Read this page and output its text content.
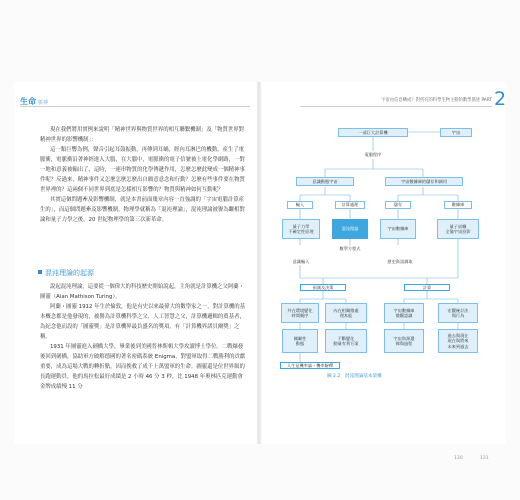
生命 脈搏

現在我們將用實例來說明「精神世界與物質世界的相互聯繫機制」及「物質世界對精神世界的影響機制」：

這一類巨響為例，聲音引起耳鼓振動，再傳到耳蝸，經內耳淋巴的機動，產生了電脈衝，電脈衝沿著神經進入大腦，在大腦中，電脈衝的電子信號被上電化學網路，一對一地和意義被輸出了，這時，一連串物質的化學傳遞作用，怎麼怎麼此變成一個精神事件呢？反過來，精神事件又怎麼怎麼怎麼出自願意意念和行動？怎麼有些事件要在物質世界裡的？這兩個不同世界到底是怎樣相互影響的？物質與精神如何互動呢？

其實這個問題牽及影響機制，就是本書前面幾章內容一直強調的「宇宙電腦計算產生的」，而這個問題牽及影響機制，物理學就稱為「混沌理論」，混沌理論被譽為繼相對論和量子力學之後，20 世紀物理學的第三次新革命。

混沌理論的起源

說起混沌理論，這要從一個偉大的科技歷史開始說起，主角就是計算機之父阿蘭・圖靈（Alan Mathison Turing）。

阿蘭・圖靈 1912 年生於倫敦，他是有史以來最偉大的數學家之一，對計算機的基本概念都是他發現的，被譽為計算機科學之父，人工智慧之父，計算機邏輯的奠基者，為紀念他而設的「圖靈獎」是計算機界最負盛名的獎項，有「計算機界諾貝爾獎」之稱。

1931 年圖靈進入劍橋大學，畢業後到美國普林斯頓大學攻讀博士學位。二戰爆發後回到劍橋，協助軍方破解德國的著名密碼系統 Enigma，對盟軍取得二戰勝利的貢獻重要，成為這場大戰的轉折點，因而挽救了成千上萬盟軍的生命。圖靈還是位世界級的長跑運動員，他的馬拉松最好成績是 2 小時 46 分 3 秒，比 1948 年奧林匹克運動會金牌成績慢 11 分

宇宙由信息構成？對所有的科學生物主動的數學描述 PART 2
一部巨大計算機	宇宙
電腦程序
意識動態宇宙	宇宙數據庫的儲存和調用
輸入	計算處理	儲存	數據庫
量子力學
不確定性原理
混沌理論	宇宙數據庫
量子糾纏
全像宇宙投影
意識輸入
數學方程式
歷史資訊調取
預測及決策	計算
外在環境變化
時間順序
內在相關微處
理本能
宇宙數據庫
微觀認識
宏觀統計法
與行為
關聯性
動態
不斷變化
動量有利方案
宇宙資源選
擇與過程
過去與現在
現在與將來
未來到過去
人生是機率論・機率解釋
圖 2.2　混沌理論基本架構
130	131
